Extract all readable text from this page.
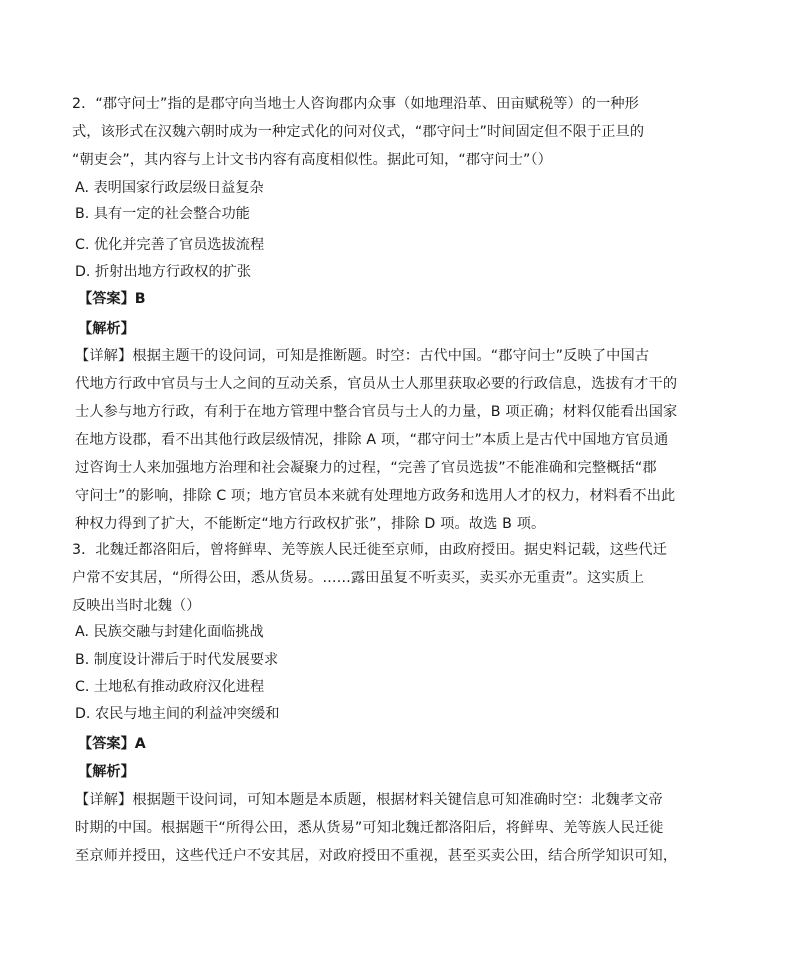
2．“郡守问士”指的是郡守向当地士人咨询郡内众事（如地理沿革、田亩赋税等）的一种形
式，该形式在汉魏六朝时成为一种定式化的问对仪式，“郡守问士”时间固定但不限于正旦的
“朝吏会”，其内容与上计文书内容有高度相似性。据此可知，“郡守问士”（）
A. 表明国家行政层级日益复杂
B. 具有一定的社会整合功能
C. 优化并完善了官员选拔流程
D. 折射出地方行政权的扩张
【答案】B
【解析】
【详解】根据主题干的设问词，可知是推断题。时空：古代中国。“郡守问士”反映了中国古
代地方行政中官员与士人之间的互动关系，官员从士人那里获取必要的行政信息，选拔有才干的
士人参与地方行政，有利于在地方管理中整合官员与士人的力量，B 项正确；材料仅能看出国家
在地方设郡，看不出其他行政层级情况，排除 A 项，“郡守问士”本质上是古代中国地方官员通
过咨询士人来加强地方治理和社会凝聚力的过程，“完善了官员选拔”不能准确和完整概括“郡
守问士”的影响，排除 C 项；地方官员本来就有处理地方政务和选用人才的权力，材料看不出此
种权力得到了扩大，不能断定“地方行政权扩张”，排除 D 项。故选 B 项。
3．北魏迁都洛阳后，曾将鲜卑、羌等族人民迁徙至京师，由政府授田。据史料记载，这些代迁
户常不安其居，“所得公田，悉从货易。……露田虽复不听卖买，卖买亦无重责”。这实质上
反映出当时北魏（）
A. 民族交融与封建化面临挑战
B. 制度设计滞后于时代发展要求
C. 土地私有推动政府汉化进程
D. 农民与地主间的利益冲突缓和
【答案】A
【解析】
【详解】根据题干设问词，可知本题是本质题，根据材料关键信息可知准确时空：北魏孝文帝
时期的中国。根据题干“所得公田，悉从货易”可知北魏迁都洛阳后，将鲜卑、羌等族人民迁徙
至京师并授田，这些代迁户不安其居，对政府授田不重视，甚至买卖公田，结合所学知识可知，
